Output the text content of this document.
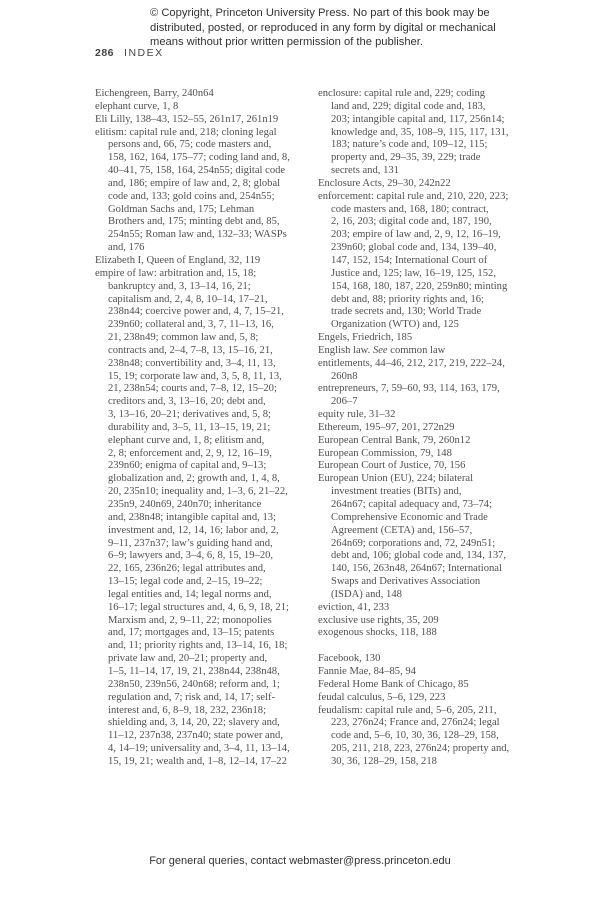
© Copyright, Princeton University Press. No part of this book may be
distributed, posted, or reproduced in any form by digital or mechanical
means without prior written permission of the publisher.
286 INDEX
Eichengreen, Barry, 240n64
elephant curve, 1, 8
Eli Lilly, 138–43, 152–55, 261n17, 261n19
elitism: capital rule and, 218; cloning legal
persons and, 66, 75; code masters and,
158, 162, 164, 175–77; coding land and, 8,
40–41, 75, 158, 164, 254n55; digital code
and, 186; empire of law and, 2, 8; global
code and, 133; gold coins and, 254n55;
Goldman Sachs and, 175; Lehman
Brothers and, 175; minting debt and, 85,
254n55; Roman law and, 132–33; WASPs
and, 176
Elizabeth I, Queen of England, 32, 119
empire of law: arbitration and, 15, 18;
bankruptcy and, 3, 13–14, 16, 21;
capitalism and, 2, 4, 8, 10–14, 17–21,
238n44; coercive power and, 4, 7, 15–21,
239n60; collateral and, 3, 7, 11–13, 16,
21, 238n49; common law and, 5, 8;
contracts and, 2–4, 7–8, 13, 15–16, 21,
238n48; convertibility and, 3–4, 11, 13,
15, 19; corporate law and, 3, 5, 8, 11, 13,
21, 238n54; courts and, 7–8, 12, 15–20;
creditors and, 3, 13–16, 20; debt and,
3, 13–16, 20–21; derivatives and, 5, 8;
durability and, 3–5, 11, 13–15, 19, 21;
elephant curve and, 1, 8; elitism and,
2, 8; enforcement and, 2, 9, 12, 16–19,
239n60; enigma of capital and, 9–13;
globalization and, 2; growth and, 1, 4, 8,
20, 235n10; inequality and, 1–3, 6, 21–22,
235n9, 240n69, 240n70; inheritance
and, 238n48; intangible capital and, 13;
investment and, 12, 14, 16; labor and, 2,
9–11, 237n37; law’s guiding hand and,
6–9; lawyers and, 3–4, 6, 8, 15, 19–20,
22, 165, 236n26; legal attributes and,
13–15; legal code and, 2–15, 19–22;
legal entities and, 14; legal norms and,
16–17; legal structures and, 4, 6, 9, 18, 21;
Marxism and, 2, 9–11, 22; monopolies
and, 17; mortgages and, 13–15; patents
and, 11; priority rights and, 13–14, 16, 18;
private law and, 20–21; property and,
1–5, 11–14, 17, 19, 21, 238n44, 238n48,
238n50, 239n56, 240n68; reform and, 1;
regulation and, 7; risk and, 14, 17; self-
interest and, 6, 8–9, 18, 232, 236n18;
shielding and, 3, 14, 20, 22; slavery and,
11–12, 237n38, 237n40; state power and,
4, 14–19; universality and, 3–4, 11, 13–14,
15, 19, 21; wealth and, 1–8, 12–14, 17–22
enclosure: capital rule and, 229; coding
land and, 229; digital code and, 183,
203; intangible capital and, 117, 256n14;
knowledge and, 35, 108–9, 115, 117, 131,
183; nature’s code and, 109–12, 115;
property and, 29–35, 39, 229; trade
secrets and, 131
Enclosure Acts, 29–30, 242n22
enforcement: capital rule and, 210, 220, 223;
code masters and, 168, 180; contract,
2, 16, 203; digital code and, 187, 190,
203; empire of law and, 2, 9, 12, 16–19,
239n60; global code and, 134, 139–40,
147, 152, 154; International Court of
Justice and, 125; law, 16–19, 125, 152,
154, 168, 180, 187, 220, 259n80; minting
debt and, 88; priority rights and, 16;
trade secrets and, 130; World Trade
Organization (WTO) and, 125
Engels, Friedrich, 185
English law. See common law
entitlements, 44–46, 212, 217, 219, 222–24,
260n8
entrepreneurs, 7, 59–60, 93, 114, 163, 179,
206–7
equity rule, 31–32
Ethereum, 195–97, 201, 272n29
European Central Bank, 79, 260n12
European Commission, 79, 148
European Court of Justice, 70, 156
European Union (EU), 224; bilateral
investment treaties (BITs) and,
264n67; capital adequacy and, 73–74;
Comprehensive Economic and Trade
Agreement (CETA) and, 156–57,
264n69; corporations and, 72, 249n51;
debt and, 106; global code and, 134, 137,
140, 156, 263n48, 264n67; International
Swaps and Derivatives Association
(ISDA) and, 148
eviction, 41, 233
exclusive use rights, 35, 209
exogenous shocks, 118, 188
Facebook, 130
Fannie Mae, 84–85, 94
Federal Home Bank of Chicago, 85
feudal calculus, 5–6, 129, 223
feudalism: capital rule and, 5–6, 205, 211,
223, 276n24; France and, 276n24; legal
code and, 5–6, 10, 30, 36, 128–29, 158,
205, 211, 218, 223, 276n24; property and,
30, 36, 128–29, 158, 218
For general queries, contact webmaster@press.princeton.edu
